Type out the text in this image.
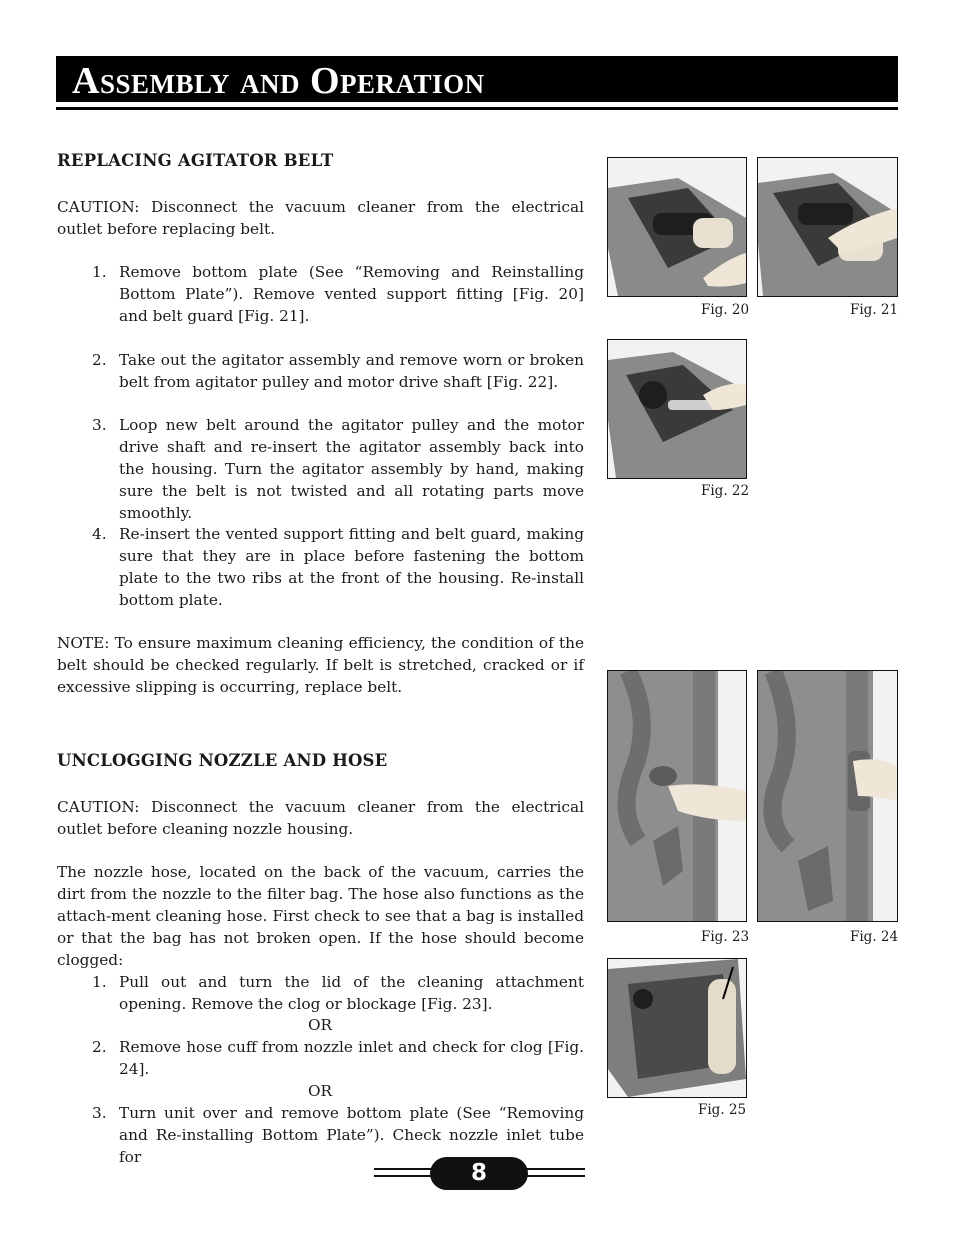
Assembly and Operation
REPLACING AGITATOR BELT

CAUTION: Disconnect the vacuum cleaner from the electrical outlet before replacing belt.

1. Remove bottom plate (See “Removing and Reinstalling Bottom Plate”). Remove vented support fitting [Fig. 20] and belt guard [Fig. 21].
2. Take out the agitator assembly and remove worn or broken belt from agitator pulley and motor drive shaft [Fig. 22].
3. Loop new belt around the agitator pulley and the motor drive shaft and re-insert the agitator assembly back into the housing. Turn the agitator assembly by hand, making sure the belt is not twisted and all rotating parts move smoothly.
4. Re-insert the vented support fitting and belt guard, making sure that they are in place before fastening the bottom plate to the two ribs at the front of the housing. Re-install bottom plate.

NOTE: To ensure maximum cleaning efficiency, the condition of the belt should be checked regularly. If belt is stretched, cracked or if excessive slipping is occurring, replace belt.

UNCLOGGING NOZZLE AND HOSE

CAUTION: Disconnect the vacuum cleaner from the electrical outlet before cleaning nozzle housing.

The nozzle hose, located on the back of the vacuum, carries the dirt from the nozzle to the filter bag. The hose also functions as the attach-ment cleaning hose. First check to see that a bag is installed or that the bag has not broken open. If the hose should become clogged:

1. Pull out and turn the lid of the cleaning attachment opening. Remove the clog or blockage [Fig. 23].
OR
2. Remove hose cuff from nozzle inlet and check for clog [Fig. 24].
OR
3. Turn unit over and remove bottom plate (See “Removing and Re-installing Bottom Plate”). Check nozzle inlet tube for
Fig. 20	Fig. 21
Fig. 22
Fig. 23	Fig. 24
Fig. 25
8
